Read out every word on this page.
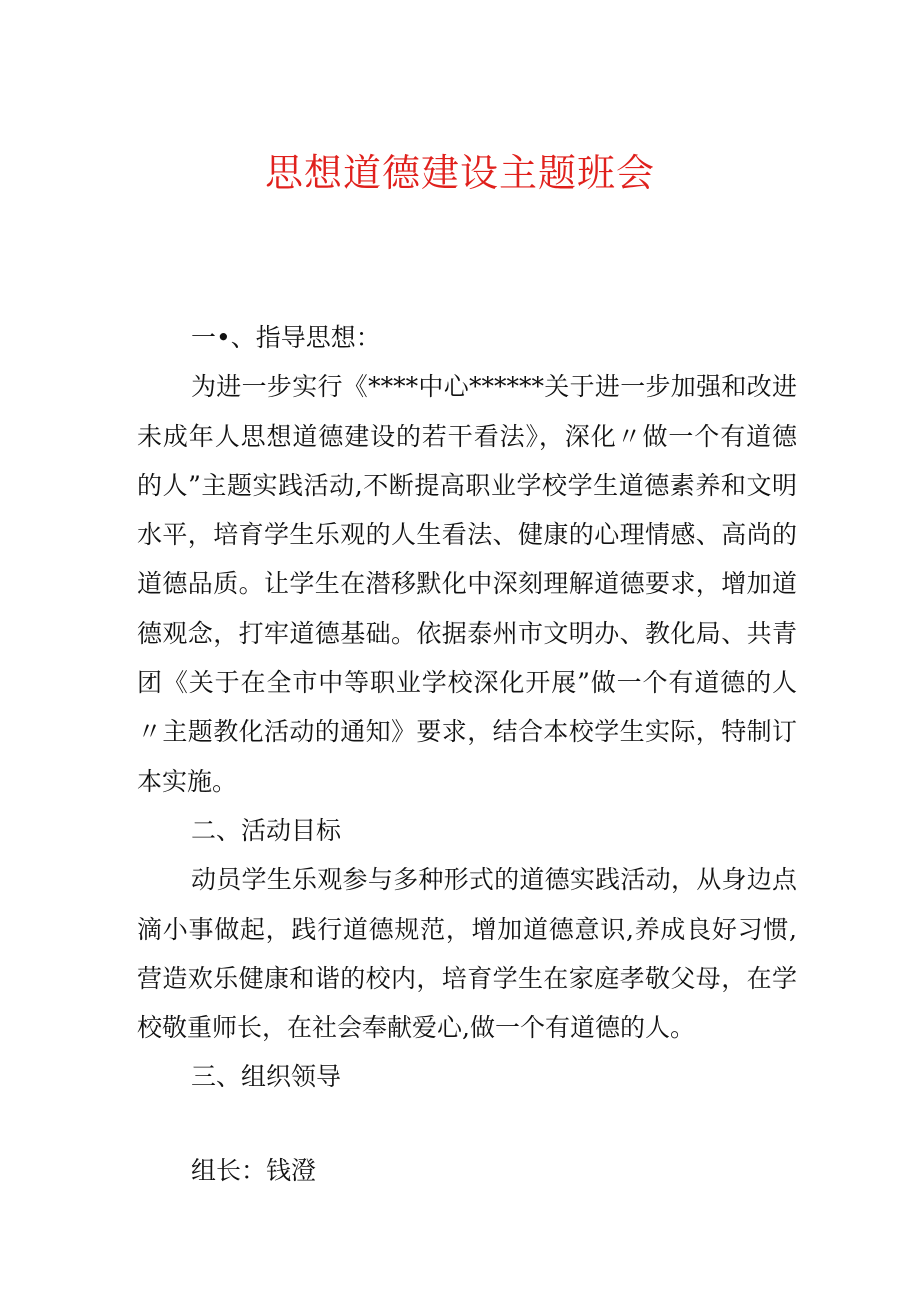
思想道德建设主题班会

一•、指导思想：

为进一步实行《****中心******关于进一步加强和改进未成年人思想道德建设的若干看法》，深化〃做一个有道德的人”主题实践活动,不断提高职业学校学生道德素养和文明水平，培育学生乐观的人生看法、健康的心理情感、高尚的道德品质。让学生在潜移默化中深刻理解道德要求，增加道德观念，打牢道德基础。依据泰州市文明办、教化局、共青团《关于在全市中等职业学校深化开展”做一个有道德的人〃主题教化活动的通知》要求，结合本校学生实际，特制订本实施。

二、活动目标

动员学生乐观参与多种形式的道德实践活动，从身边点滴小事做起，践行道德规范，增加道德意识,养成良好习惯,营造欢乐健康和谐的校内，培育学生在家庭孝敬父母，在学校敬重师长，在社会奉献爱心,做一个有道德的人。

三、组织领导

组长：钱澄
